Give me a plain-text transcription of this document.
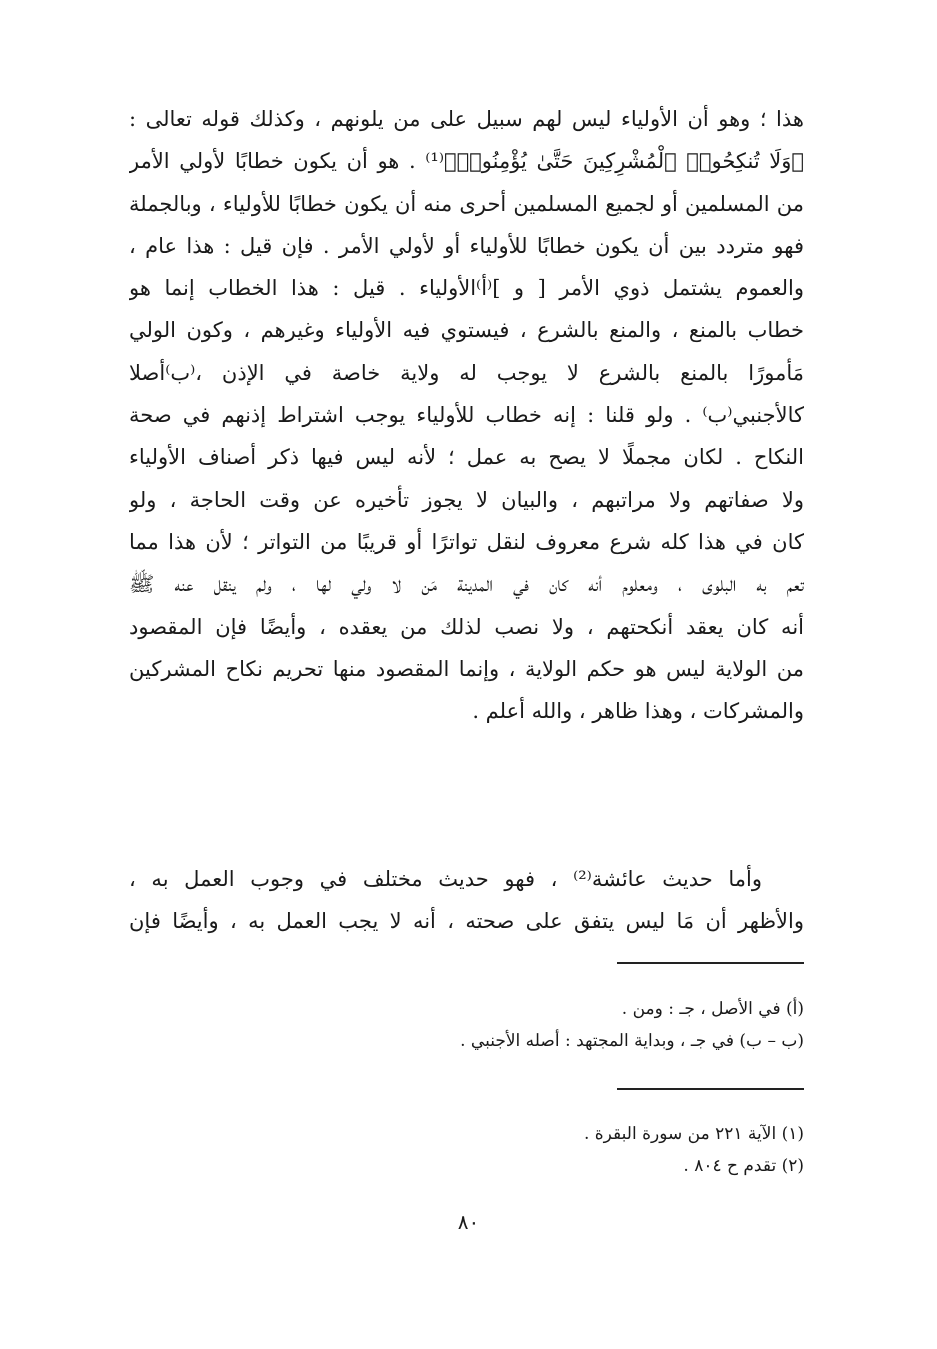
هذا ؛ وهو أن الأولياء ليس لهم سبيل على من يلونهم ، وكذلك قوله تعالى :
﴿وَلَا تُنكِحُوا۟ ٱلْمُشْرِكِينَ حَتَّىٰ يُؤْمِنُوا۟﴾⁽¹⁾ . هو أن يكون خطابًا لأولي الأمر
من المسلمين أو لجميع المسلمين أحرى منه أن يكون خطابًا للأولياء ، وبالجملة
فهو متردد بين أن يكون خطابًا للأولياء أو لأولي الأمر . فإن قيل : هذا عام ،
والعموم يشتمل ذوي الأمر [ و ]⁽أ⁾الأولياء . قيل : هذا الخطاب إنما هو
خطاب بالمنع ، والمنع بالشرع ، فيستوي فيه الأولياء وغيرهم ، وكون الولي
مَأمورًا بالمنع بالشرع لا يوجب له ولاية خاصة في الإذن ،⁽ب⁾أصلا
كالأجنبي⁽ب⁾ . ولو قلنا : إنه خطاب للأولياء يوجب اشتراط إذنهم في صحة
النكاح . لكان مجملًا لا يصح به عمل ؛ لأنه ليس فيها ذكر أصناف الأولياء
ولا صفاتهم ولا مراتبهم ، والبيان لا يجوز تأخيره عن وقت الحاجة ، ولو
كان في هذا كله شرع معروف لنقل تواترًا أو قريبًا من التواتر ؛ لأن هذا مما
تعم به البلوى ، ومعلوم أنه كان في المدينة مَن لا ولي لها ، ولم ينقل عنه ﷺ
أنه كان يعقد أنكحتهم ، ولا نصب لذلك من يعقده ، وأيضًا فإن المقصود
من الولاية ليس هو حكم الولاية ، وإنما المقصود منها تحريم نكاح المشركين
والمشركات ، وهذا ظاهر ، والله أعلم .
وأما حديث عائشة⁽²⁾ ، فهو حديث مختلف في وجوب العمل به ،
والأظهر أن مَا ليس يتفق على صحته ، أنه لا يجب العمل به ، وأيضًا فإن
(أ) في الأصل ، جـ : ومن .
(ب – ب) في جـ ، وبداية المجتهد : أصله الأجنبي .
(١) الآية ٢٢١ من سورة البقرة .
(٢) تقدم ح ٨٠٤ .
٨٠
